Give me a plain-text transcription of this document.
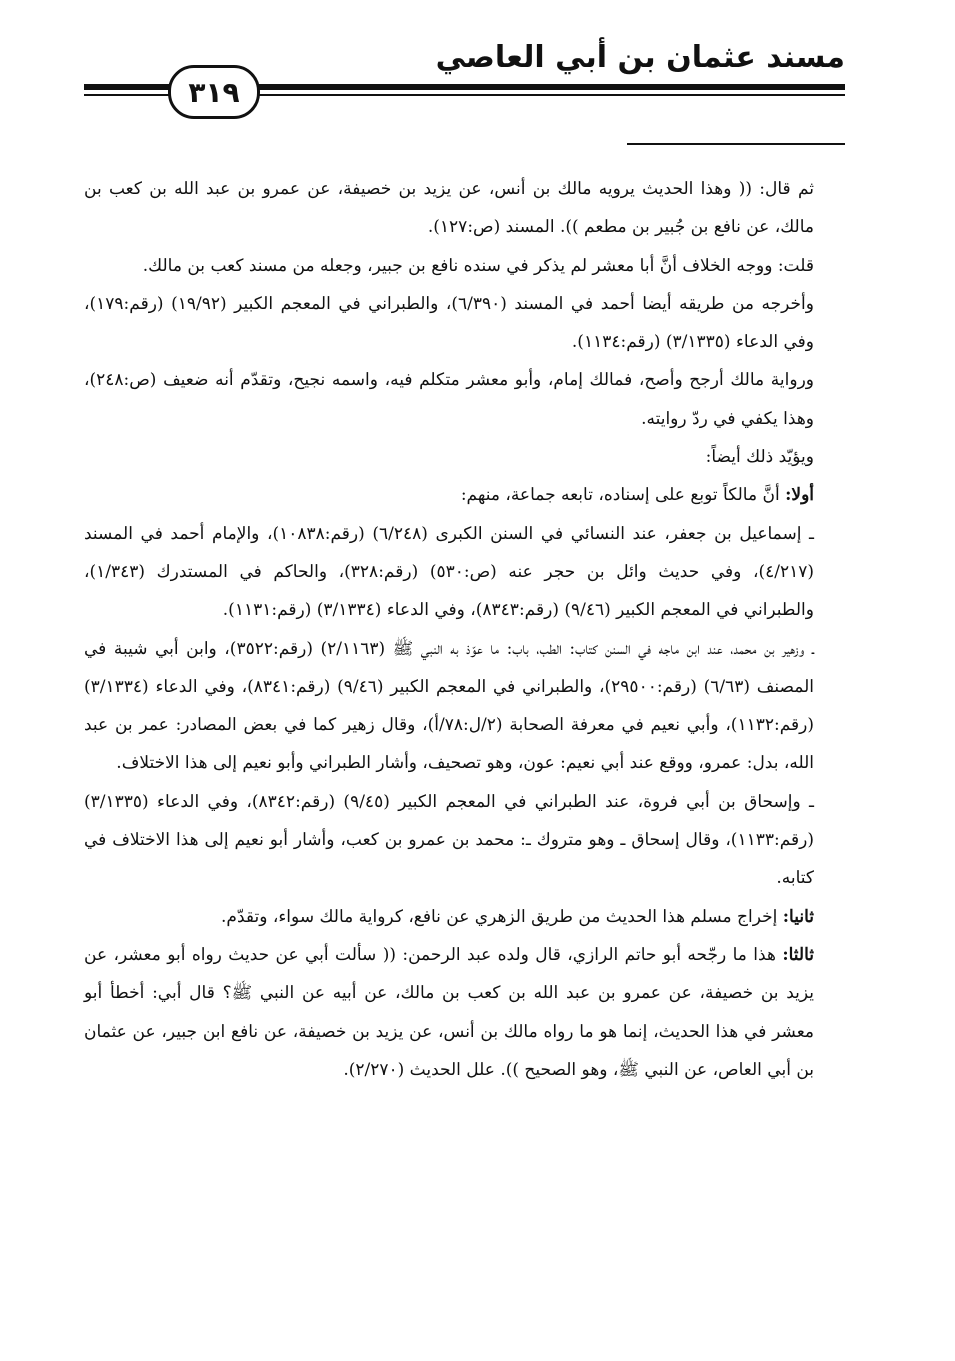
مسند عثمان بن أبي العاصي
٣١٩

ثم قال: (( وهذا الحديث يرويه مالك بن أنس، عن يزيد بن خصيفة، عن عمرو بن عبد الله بن كعب بن مالك، عن نافع بن جُبير بن مطعم )). المسند (ص:١٢٧).

قلت: ووجه الخلاف أنَّ أبا معشر لم يذكر في سنده نافع بن جبير، وجعله من مسند كعب بن مالك.

وأخرجه من طريقه أيضا أحمد في المسند (٦/٣٩٠)، والطبراني في المعجم الكبير (١٩/٩٢) (رقم:١٧٩)، وفي الدعاء (٣/١٣٣٥) (رقم:١١٣٤).

ورواية مالك أرجح وأصح، فمالك إمام، وأبو معشر متكلم فيه، واسمه نجيح، وتقدّم أنه ضعيف (ص:٢٤٨)، وهذا يكفي في ردّ روايته.

ويؤيّد ذلك أيضاً:

أولا: أنَّ مالكاً توبع على إسناده، تابعه جماعة، منهم:

ـ إسماعيل بن جعفر، عند النسائي في السنن الكبرى (٦/٢٤٨) (رقم:١٠٨٣٨)، والإمام أحمد في المسند (٤/٢١٧)، وفي حديث وائل بن حجر عنه (ص:٥٣٠) (رقم:٣٢٨)، والحاكم في المستدرك (١/٣٤٣)، والطبراني في المعجم الكبير (٩/٤٦) (رقم:٨٣٤٣)، وفي الدعاء (٣/١٣٣٤) (رقم:١١٣١).

ـ وزهير بن محمد، عند ابن ماجه في السنن كتاب: الطب، باب: ما عوّذ به النبي ﷺ (٢/١١٦٣) (رقم:٣٥٢٢)، وابن أبي شيبة في المصنف (٦/٦٣) (رقم:٢٩٥٠٠)، والطبراني في المعجم الكبير (٩/٤٦) (رقم:٨٣٤١)، وفي الدعاء (٣/١٣٣٤) (رقم:١١٣٢)، وأبي نعيم في معرفة الصحابة (٢/ل:٧٨/أ)، وقال زهير كما في بعض المصادر: عمر بن عبد الله، بدل: عمرو، ووقع عند أبي نعيم: عون، وهو تصحيف، وأشار الطبراني وأبو نعيم إلى هذا الاختلاف.

ـ وإسحاق بن أبي فروة، عند الطبراني في المعجم الكبير (٩/٤٥) (رقم:٨٣٤٢)، وفي الدعاء (٣/١٣٣٥) (رقم:١١٣٣)، وقال إسحاق ـ وهو متروك ـ: محمد بن عمرو بن كعب، وأشار أبو نعيم إلى هذا الاختلاف في كتابه.

ثانيا: إخراج مسلم هذا الحديث من طريق الزهري عن نافع، كرواية مالك سواء، وتقدّم.

ثالثا: هذا ما رجّحه أبو حاتم الرازي، قال ولده عبد الرحمن: (( سألت أبي عن حديث رواه أبو معشر، عن يزيد بن خصيفة، عن عمرو بن عبد الله بن كعب بن مالك، عن أبيه عن النبي ﷺ؟ قال أبي: أخطأ أبو معشر في هذا الحديث، إنما هو ما رواه مالك بن أنس، عن يزيد بن خصيفة، عن نافع ابن جبير، عن عثمان بن أبي العاص، عن النبي ﷺ، وهو الصحيح )). علل الحديث (٢/٢٧٠).
